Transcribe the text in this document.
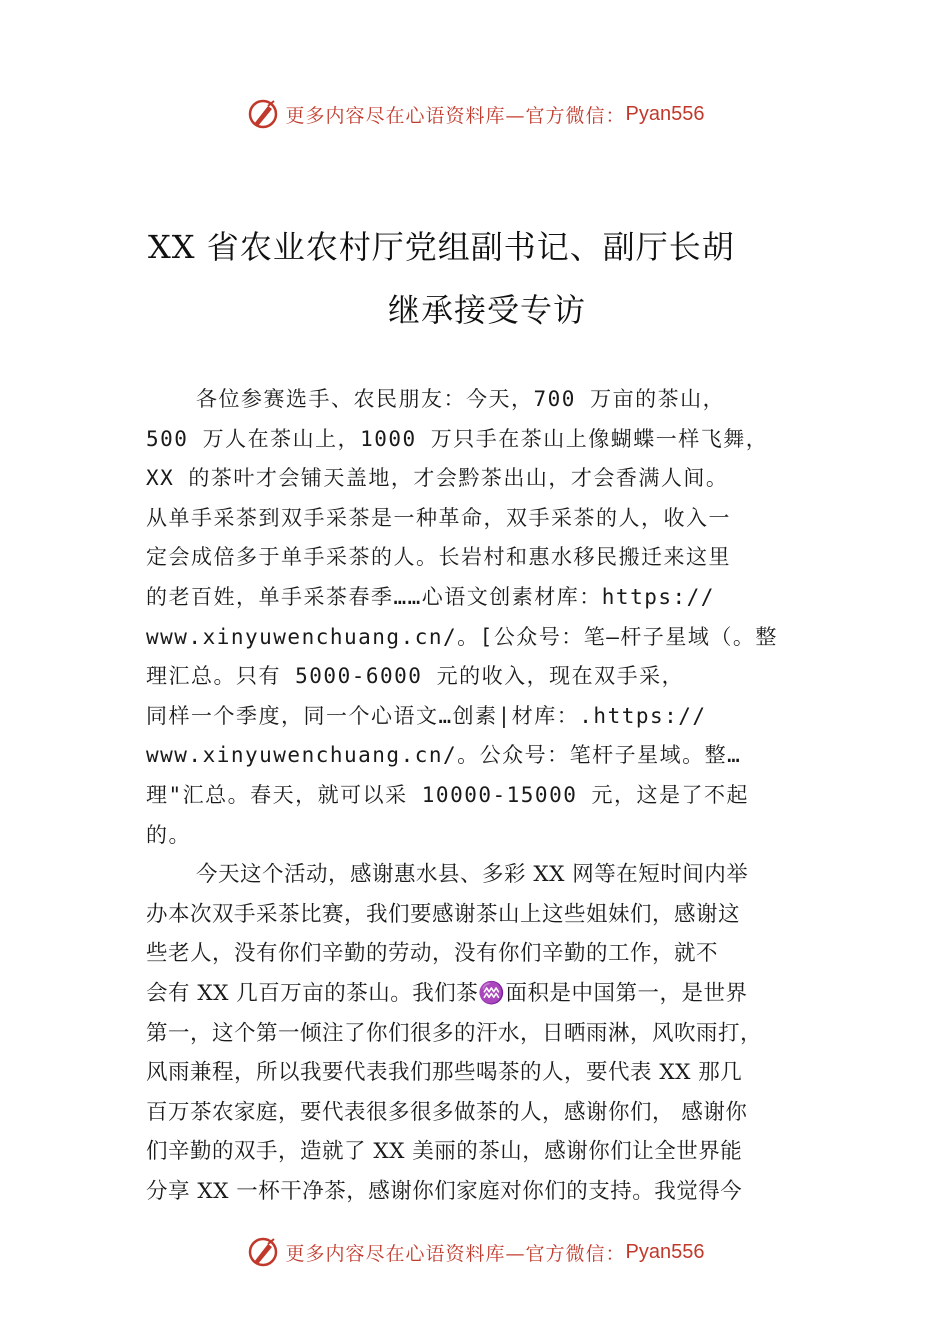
更多内容尽在心语资料库—官方微信： Pyan556
XX 省农业农村厅党组副书记、副厅长胡
继承接受专访
各位参赛选手、农民朋友：今天，700 万亩的茶山，
500 万人在茶山上，1000 万只手在茶山上像蝴蝶一样飞舞，
XX 的茶叶才会铺天盖地，才会黔茶出山，才会香满人间。
从单手采茶到双手采茶是一种革命，双手采茶的人，收入一
定会成倍多于单手采茶的人。长岩村和惠水移民搬迁来这里
的老百姓，单手采茶春季……心语文创素材库：https://
www.xinyuwenchuang.cn/。[公众号：笔—杆子星域（。整
理汇总。只有 5000-6000 元的收入，现在双手采，
同样一个季度，同一个心语文…创素|材库：.https://
www.xinyuwenchuang.cn/。公众号：笔杆子星域。整…
理"汇总。春天，就可以采 10000-15000 元，这是了不起
的。
今天这个活动，感谢惠水县、多彩 XX 网等在短时间内举
办本次双手采茶比赛，我们要感谢茶山上这些姐妹们，感谢这
些老人，没有你们辛勤的劳动，没有你们辛勤的工作，就不
会有 XX 几百万亩的茶山。我们茶♒面积是中国第一，是世界
第一，这个第一倾注了你们很多的汗水，日晒雨淋，风吹雨打，
风雨兼程，所以我要代表我们那些喝茶的人，要代表 XX 那几
百万茶农家庭，要代表很多很多做茶的人，感谢你们， 感谢你
们辛勤的双手，造就了 XX 美丽的茶山，感谢你们让全世界能
分享 XX 一杯干净茶，感谢你们家庭对你们的支持。我觉得今
更多内容尽在心语资料库—官方微信： Pyan556
